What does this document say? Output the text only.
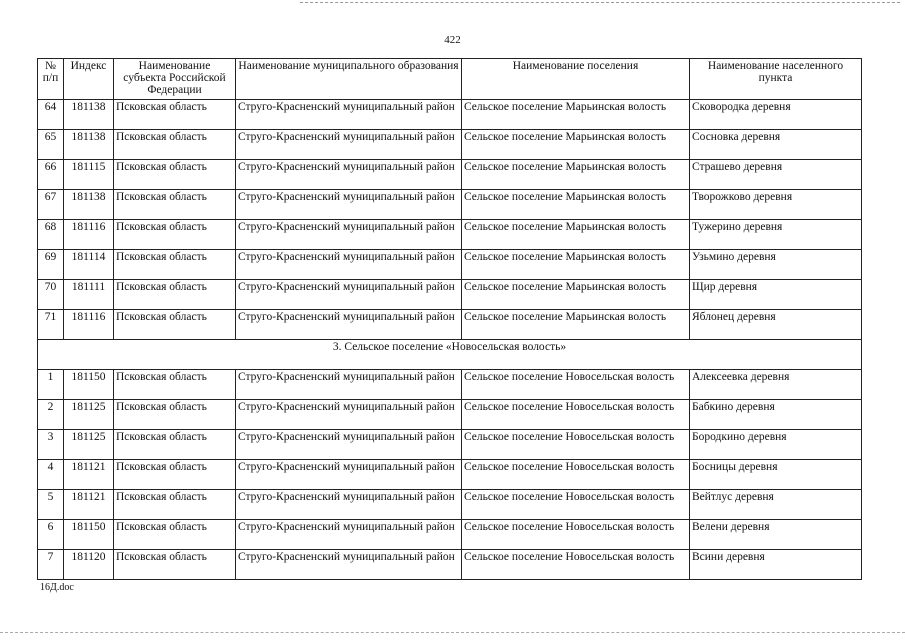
422
№ п/п	Индекс	Наименование субъекта Российской Федерации	Наименование муниципального образования	Наименование поселения	Наименование населенного пункта
64	181138	Псковская область	Струго-Красненский муниципальный район	Сельское поселение Марьинская волость	Сковородка деревня
65	181138	Псковская область	Струго-Красненский муниципальный район	Сельское поселение Марьинская волость	Сосновка деревня
66	181115	Псковская область	Струго-Красненский муниципальный район	Сельское поселение Марьинская волость	Страшево деревня
67	181138	Псковская область	Струго-Красненский муниципальный район	Сельское поселение Марьинская волость	Творожково деревня
68	181116	Псковская область	Струго-Красненский муниципальный район	Сельское поселение Марьинская волость	Тужерино деревня
69	181114	Псковская область	Струго-Красненский муниципальный район	Сельское поселение Марьинская волость	Узьмино деревня
70	181111	Псковская область	Струго-Красненский муниципальный район	Сельское поселение Марьинская волость	Щир деревня
71	181116	Псковская область	Струго-Красненский муниципальный район	Сельское поселение Марьинская волость	Яблонец деревня
3. Сельское поселение «Новосельская волость»					
1	181150	Псковская область	Струго-Красненский муниципальный район	Сельское поселение Новосельская волость	Алексеевка деревня
2	181125	Псковская область	Струго-Красненский муниципальный район	Сельское поселение Новосельская волость	Бабкино деревня
3	181125	Псковская область	Струго-Красненский муниципальный район	Сельское поселение Новосельская волость	Бородкино деревня
4	181121	Псковская область	Струго-Красненский муниципальный район	Сельское поселение Новосельская волость	Босницы деревня
5	181121	Псковская область	Струго-Красненский муниципальный район	Сельское поселение Новосельская волость	Вейтлус деревня
6	181150	Псковская область	Струго-Красненский муниципальный район	Сельское поселение Новосельская волость	Велени деревня
7	181120	Псковская область	Струго-Красненский муниципальный район	Сельское поселение Новосельская волость	Всини деревня
16Д.doc
